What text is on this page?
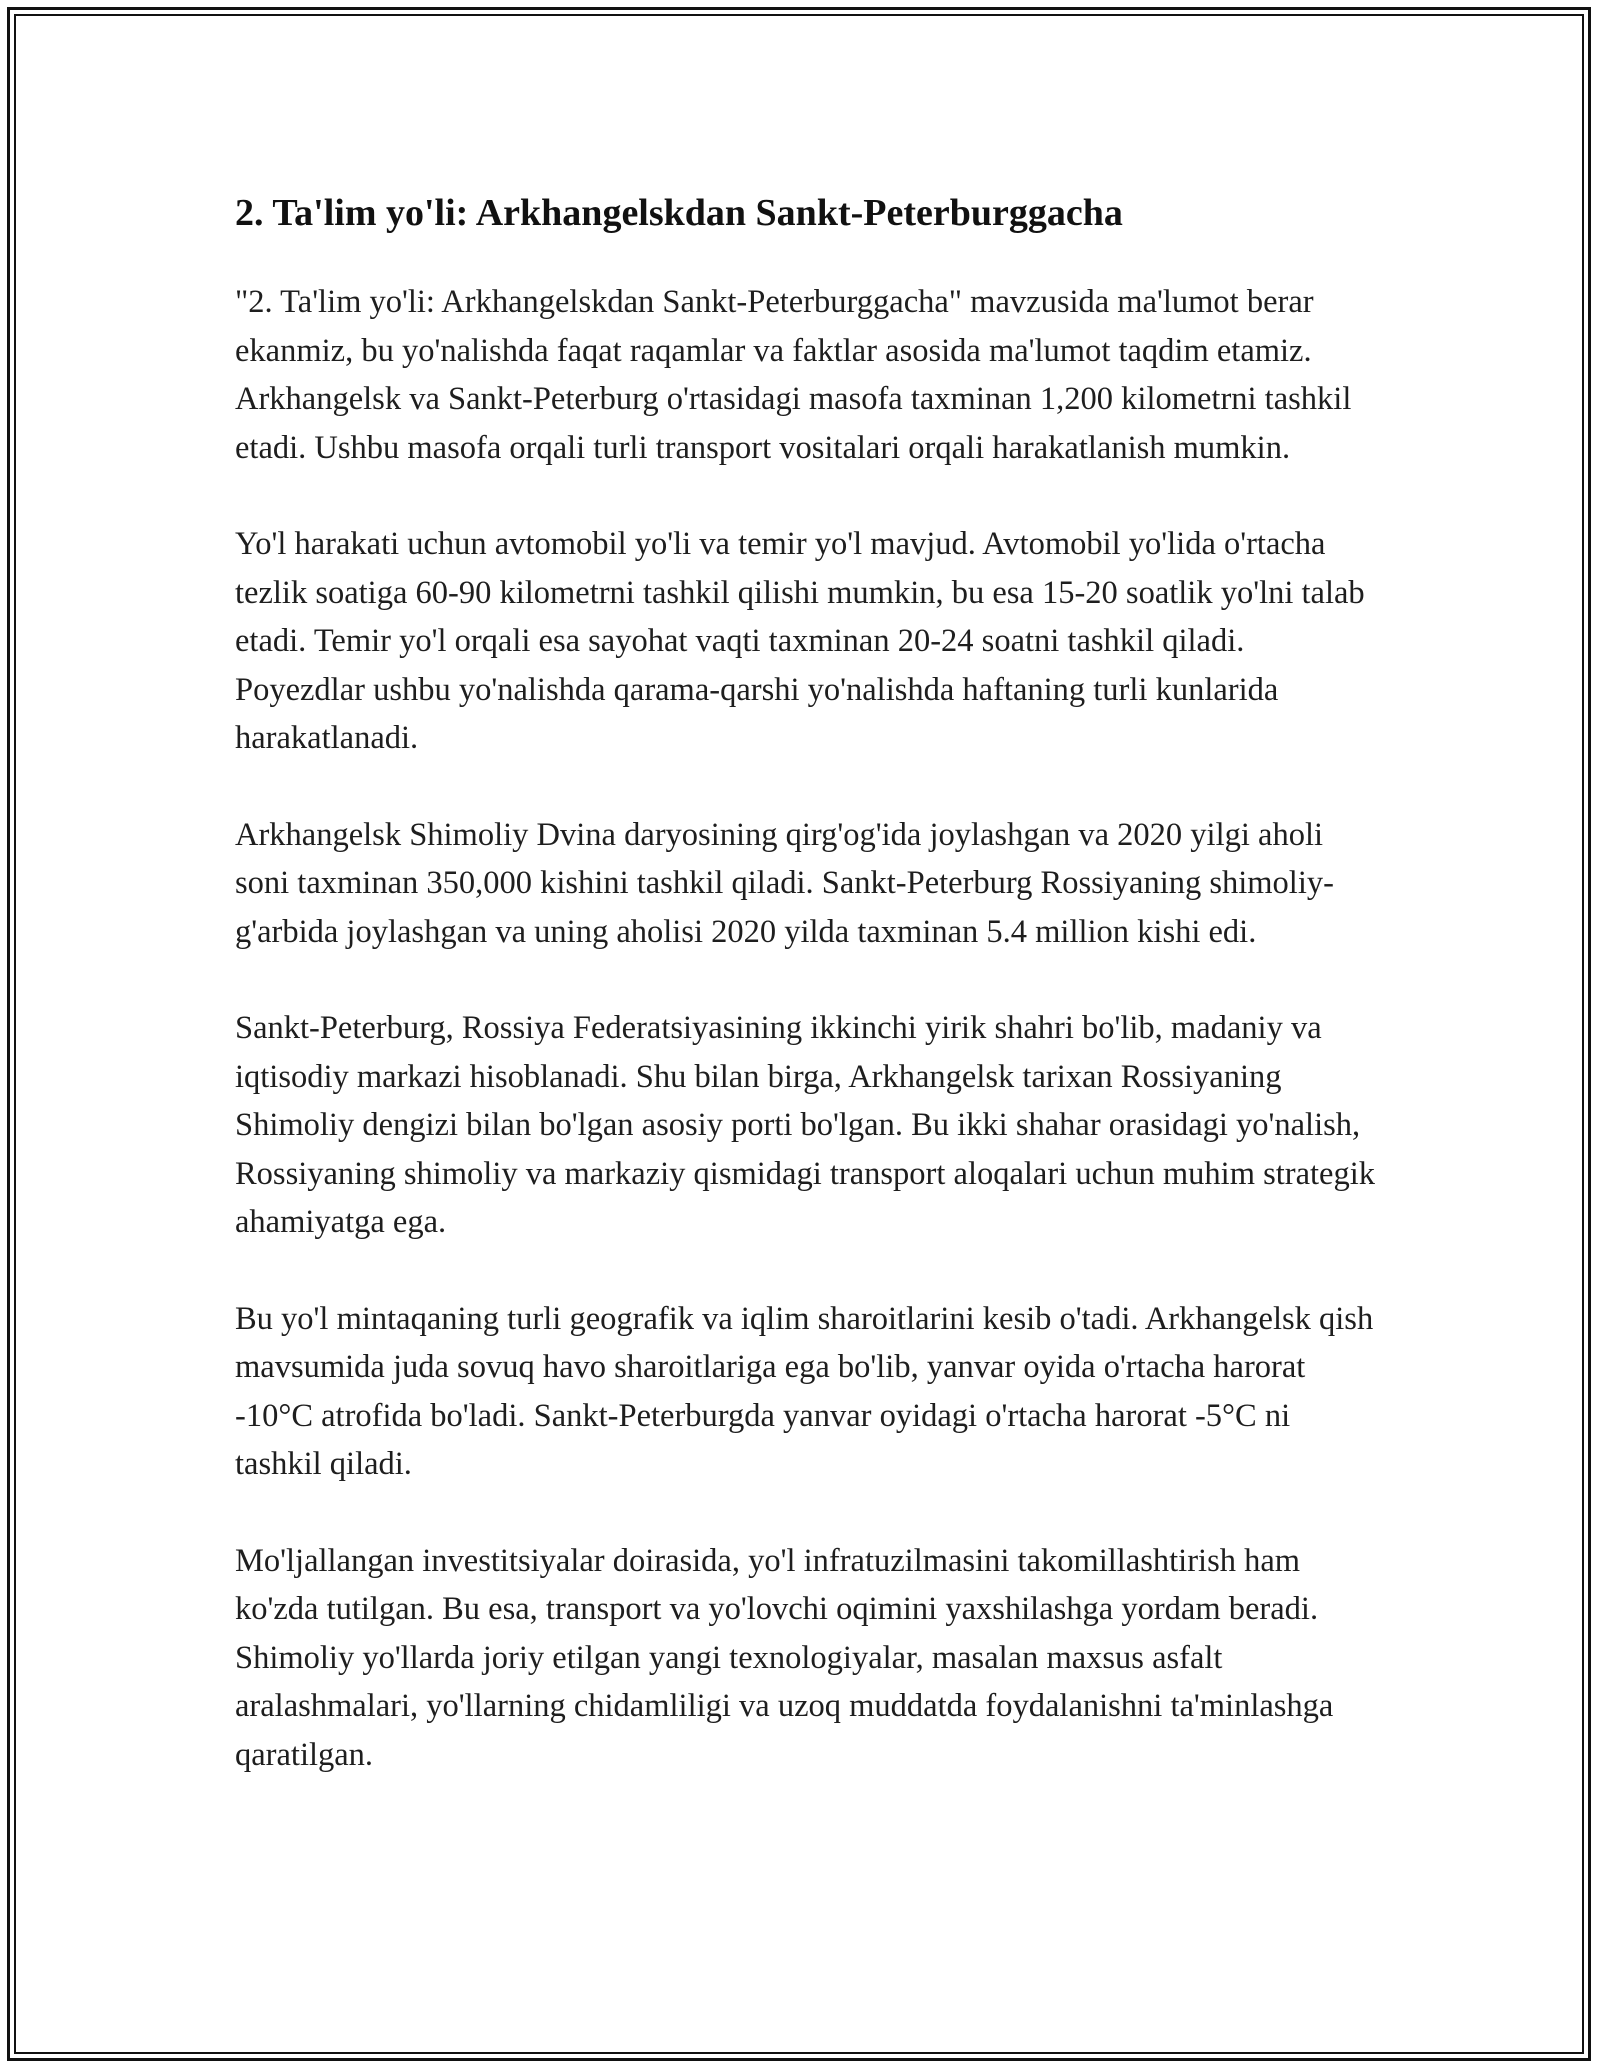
2. Ta'lim yo'li: Arkhangelskdan Sankt-Peterburggacha

"2. Ta'lim yo'li: Arkhangelskdan Sankt-Peterburggacha" mavzusida ma'lumot berar ekanmiz, bu yo'nalishda faqat raqamlar va faktlar asosida ma'lumot taqdim etamiz. Arkhangelsk va Sankt-Peterburg o'rtasidagi masofa taxminan 1,200 kilometrni tashkil etadi. Ushbu masofa orqali turli transport vositalari orqali harakatlanish mumkin.

Yo'l harakati uchun avtomobil yo'li va temir yo'l mavjud. Avtomobil yo'lida o'rtacha tezlik soatiga 60-90 kilometrni tashkil qilishi mumkin, bu esa 15-20 soatlik yo'lni talab etadi. Temir yo'l orqali esa sayohat vaqti taxminan 20-24 soatni tashkil qiladi. Poyezdlar ushbu yo'nalishda qarama-qarshi yo'nalishda haftaning turli kunlarida harakatlanadi.

Arkhangelsk Shimoliy Dvina daryosining qirg'og'ida joylashgan va 2020 yilgi aholi soni taxminan 350,000 kishini tashkil qiladi. Sankt-Peterburg Rossiyaning shimoliy-g'arbida joylashgan va uning aholisi 2020 yilda taxminan 5.4 million kishi edi.

Sankt-Peterburg, Rossiya Federatsiyasining ikkinchi yirik shahri bo'lib, madaniy va iqtisodiy markazi hisoblanadi. Shu bilan birga, Arkhangelsk tarixan Rossiyaning Shimoliy dengizi bilan bo'lgan asosiy porti bo'lgan. Bu ikki shahar orasidagi yo'nalish, Rossiyaning shimoliy va markaziy qismidagi transport aloqalari uchun muhim strategik ahamiyatga ega.

Bu yo'l mintaqaning turli geografik va iqlim sharoitlarini kesib o'tadi. Arkhangelsk qish mavsumida juda sovuq havo sharoitlariga ega bo'lib, yanvar oyida o'rtacha harorat -10°C atrofida bo'ladi. Sankt-Peterburgda yanvar oyidagi o'rtacha harorat -5°C ni tashkil qiladi.

Mo'ljallangan investitsiyalar doirasida, yo'l infratuzilmasini takomillashtirish ham ko'zda tutilgan. Bu esa, transport va yo'lovchi oqimini yaxshilashga yordam beradi. Shimoliy yo'llarda joriy etilgan yangi texnologiyalar, masalan maxsus asfalt aralashmalari, yo'llarning chidamliligi va uzoq muddatda foydalanishni ta'minlashga qaratilgan.
